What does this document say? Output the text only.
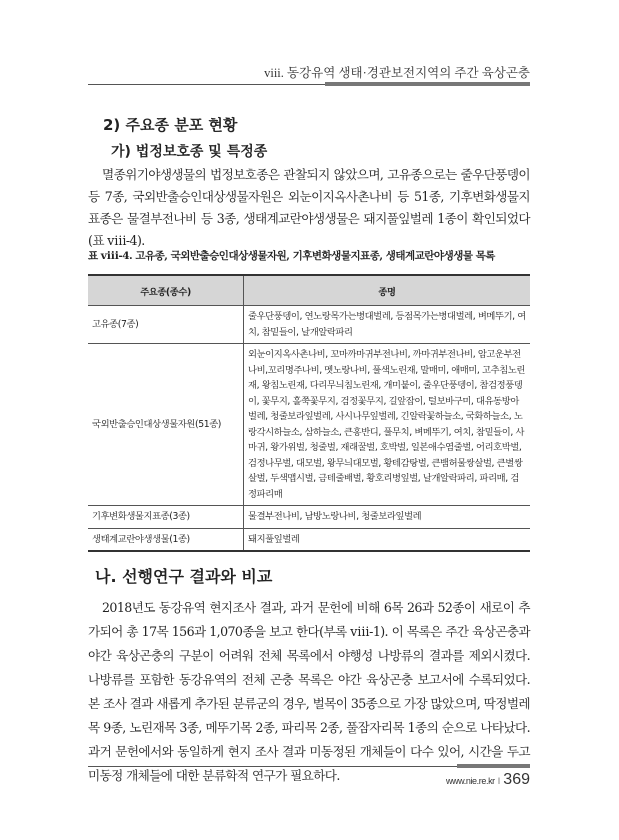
viii. 동강유역 생태·경관보전지역의 주간 육상곤충
2) 주요종 분포 현황
가) 법정보호종 및 특정종

멸종위기야생생물의 법정보호종은 관찰되지 않았으며, 고유종으로는 줄우단풍뎅이 등 7종, 국외반출승인대상생물자원은 외눈이지옥사촌나비 등 51종, 기후변화생물지표종은 물결부전나비 등 3종, 생태계교란야생생물은 돼지풀잎벌레 1종이 확인되었다(표 ⅷ-4).

표 ⅷ-4. 고유종, 국외반출승인대상생물자원, 기후변화생물지표종, 생태계교란야생생물 목록
주요종(종수)	종명
고유종(7종)	줄우단풍뎅이, 연노랑목가는병대벌레, 등점목가는병대벌레, 벼메뚜기, 여치, 참밑들이, 날개알락파리
국외반출승인대상생물자원(51종)	외눈이지옥사촌나비, 꼬마까마귀부전나비, 까마귀부전나비, 암고운부전나비,꼬리명주나비, 멧노랑나비, 풀색노린재, 말매미, 애매미, 고추침노린재, 왕침노린재, 다리무늬침노린재, 개미붙이, 줄우단풍뎅이, 참검정풍뎅이, 꽃무지, 홀쭉꽃무지, 검정꽃무지, 길앞잡이, 털보바구미, 대유동방아벌레, 청줄보라잎벌레, 사시나무잎벌레, 긴알락꽃하늘소, 국화하늘소, 노랑각시하늘소, 삼하늘소, 큰홍반디, 풀무치, 벼메뚜기, 여치, 참밑들이, 사마귀, 왕가위벌, 청줄벌, 재래꿀벌, 호박벌, 일본애수염줄벌, 어리호박벌, 검정나무벌, 대모벌, 왕무늬대모벌, 황테감탕벌, 큰뱀허물쌍살벌, 큰별쌍살벌, 두색맵시벌, 금테줄배벌, 황호리병잎벌, 날개알락파리, 파리매, 검정파리매
기후변화생물지표종(3종)	물결부전나비, 남방노랑나비, 청줄보라잎벌레
생태계교란야생생물(1종)	돼지풀잎벌레
나. 선행연구 결과와 비교

2018년도 동강유역 현지조사 결과, 과거 문헌에 비해 6목 26과 52종이 새로이 추가되어 총 17목 156과 1,070종을 보고 한다(부록 ⅷ-1). 이 목록은 주간 육상곤충과 야간 육상곤충의 구분이 어려워 전체 목록에서 야행성 나방류의 결과를 제외시켰다. 나방류를 포함한 동강유역의 전체 곤충 목록은 야간 육상곤충 보고서에 수록되었다. 본 조사 결과 새롭게 추가된 분류군의 경우, 벌목이 35종으로 가장 많았으며, 딱정벌레목 9종, 노린재목 3종, 메뚜기목 2종, 파리목 2종, 풀잠자리목 1종의 순으로 나타났다. 과거 문헌에서와 동일하게 현지 조사 결과 미동정된 개체들이 다수 있어, 시간을 두고 미동정 개체들에 대한 분류학적 연구가 필요하다.	www.nie.re.kr I 369
